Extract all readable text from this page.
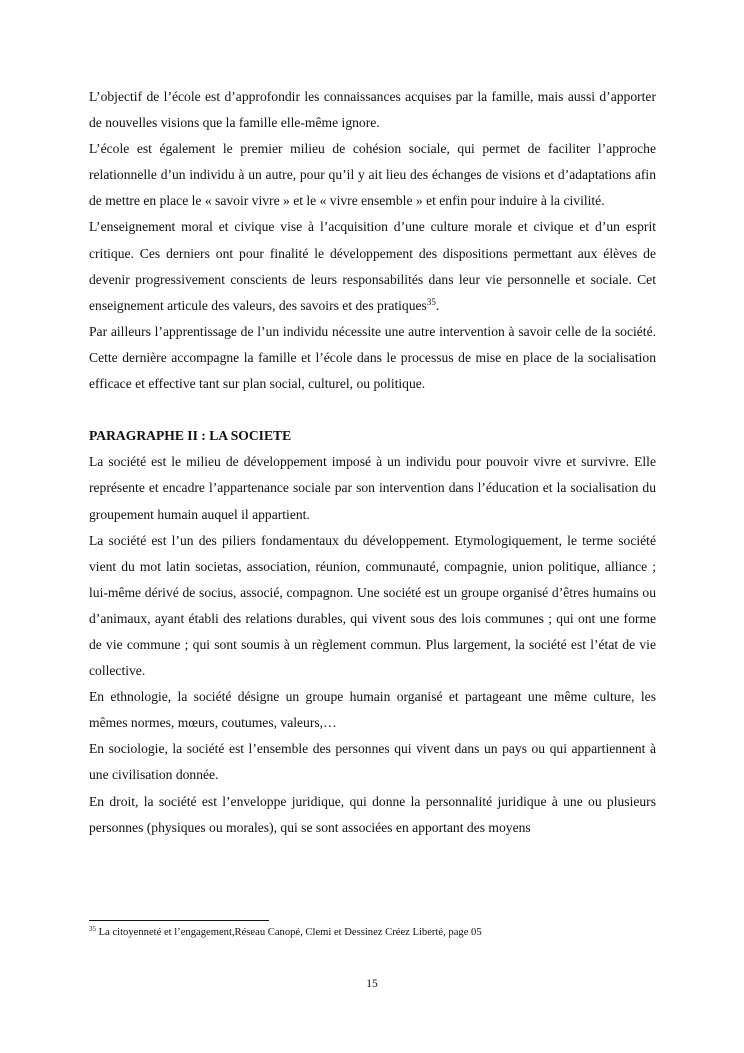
L’objectif de l’école est d’approfondir les connaissances acquises par la famille, mais aussi d’apporter de nouvelles visions que la famille elle-même ignore.

L’école est également le premier milieu de cohésion sociale, qui permet de faciliter l’approche relationnelle d’un individu à un autre, pour qu’il y ait lieu des échanges de visions et d’adaptations afin de mettre en place le « savoir vivre » et le « vivre ensemble » et enfin pour induire à la civilité.

L’enseignement moral et civique vise à l’acquisition d’une culture morale et civique et d’un esprit critique. Ces derniers ont pour finalité le développement des dispositions permettant aux élèves de devenir progressivement conscients de leurs responsabilités dans leur vie personnelle et sociale. Cet enseignement articule des valeurs, des savoirs et des pratiques$^{35}$.

Par ailleurs l’apprentissage de l’un individu nécessite une autre intervention à savoir celle de la société. Cette dernière accompagne la famille et l’école dans le processus de mise en place de la socialisation efficace et effective tant sur plan social, culturel, ou politique.

PARAGRAPHE II : LA SOCIETE

La société est le milieu de développement imposé à un individu pour pouvoir vivre et survivre. Elle représente et encadre l’appartenance sociale par son intervention dans l’éducation et la socialisation du groupement humain auquel il appartient.

La société est l’un des piliers fondamentaux du développement. Etymologiquement, le terme société vient du mot latin societas, association, réunion, communauté, compagnie, union politique, alliance ; lui-même dérivé de socius, associé, compagnon. Une société est un groupe organisé d’êtres humains ou d’animaux, ayant établi des relations durables, qui vivent sous des lois communes ; qui ont une forme de vie commune ; qui sont soumis à un règlement commun. Plus largement, la société est l’état de vie collective.

En ethnologie, la société désigne un groupe humain organisé et partageant une même culture, les mêmes normes, mœurs, coutumes, valeurs,…

En sociologie, la société est l’ensemble des personnes qui vivent dans un pays ou qui appartiennent à une civilisation donnée.

En droit, la société est l’enveloppe juridique, qui donne la personnalité juridique à une ou plusieurs personnes (physiques ou morales), qui se sont associées en apportant des moyens

$^{35}$ La citoyenneté et l’engagement,Réseau Canopé, Clemi et Dessinez Créez Liberté, page 05
15
